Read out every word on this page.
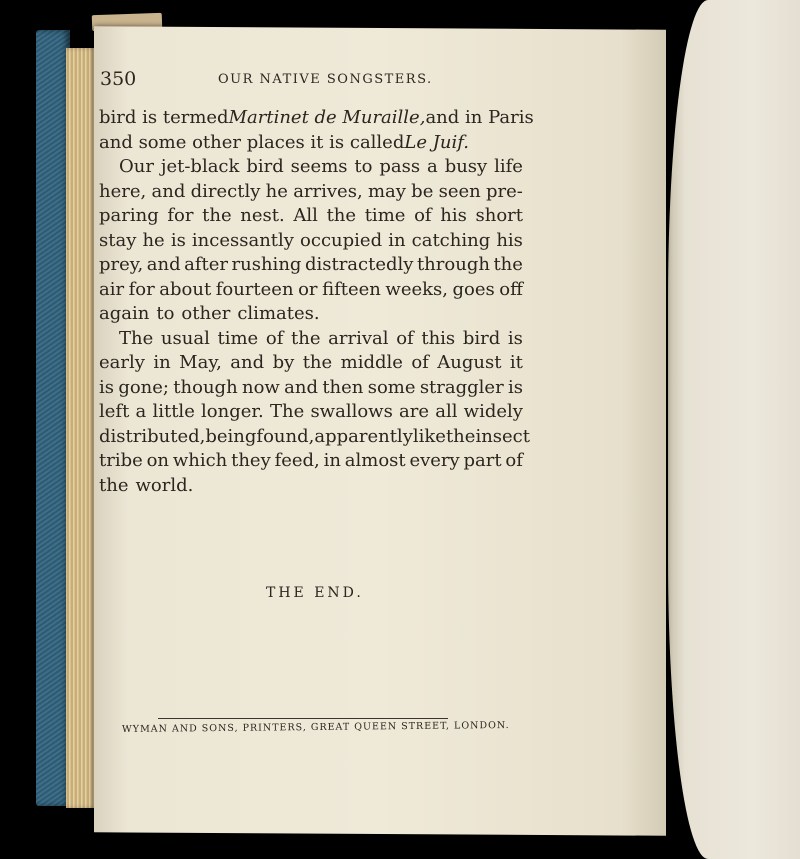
350	OUR NATIVE SONGSTERS.
bird is termed Martinet de Muraille, and in Paris
and some other places it is called Le Juif.
Our jet-black bird seems to pass a busy life
here, and directly he arrives, may be seen pre-
paring for the nest. All the time of his short
stay he is incessantly occupied in catching his
prey, and after rushing distractedly through the
air for about fourteen or fifteen weeks, goes off
again to other climates.
The usual time of the arrival of this bird is
early in May, and by the middle of August it
is gone; though now and then some straggler is
left a little longer. The swallows are all widely
distributed, being found, apparently like the insect
tribe on which they feed, in almost every part of
the world.
THE END.
WYMAN AND SONS, PRINTERS, GREAT QUEEN STREET, LONDON.
